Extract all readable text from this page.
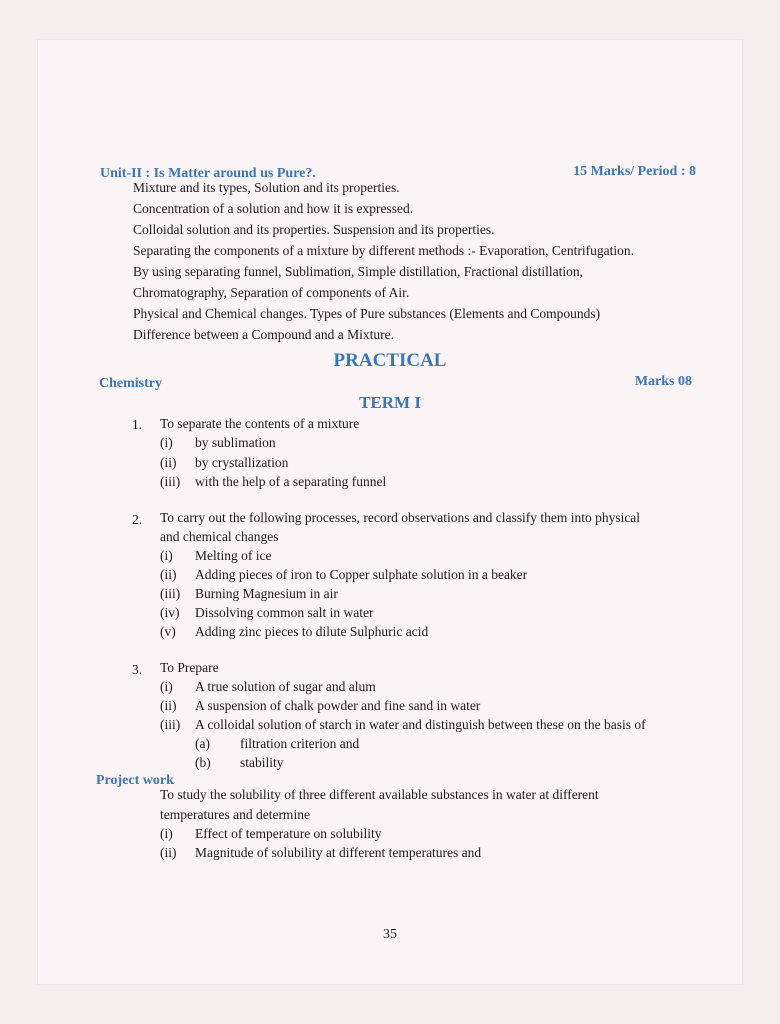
Unit-II : Is Matter around us Pure?.	15 Marks/ Period : 8
Mixture and its types, Solution and its properties.
Concentration of a solution and how it is expressed.
Colloidal solution and its properties. Suspension and its properties.
Separating the components of a mixture by different methods :- Evaporation, Centrifugation.
By using separating funnel, Sublimation, Simple distillation, Fractional distillation,
Chromatography, Separation of components of Air.
Physical and Chemical changes. Types of Pure substances (Elements and Compounds)
Difference between a Compound and a Mixture.
PRACTICAL
Chemistry	Marks 08
TERM I
1. To separate the contents of a mixture
(i) by sublimation
(ii) by crystallization
(iii) with the help of a separating funnel
2. To carry out the following processes, record observations and classify them into physical
and chemical changes
(i) Melting of ice
(ii) Adding pieces of iron to Copper sulphate solution in a beaker
(iii) Burning Magnesium in air
(iv) Dissolving common salt in water
(v) Adding zinc pieces to dilute Sulphuric acid
3. To Prepare
(i) A true solution of sugar and alum
(ii) A suspension of chalk powder and fine sand in water
(iii) A colloidal solution of starch in water and distinguish between these on the basis of
(a) filtration criterion and
(b) stability
Project work
To study the solubility of three different available substances in water at different
temperatures and determine
(i) Effect of temperature on solubility
(ii) Magnitude of solubility at different temperatures and
35
